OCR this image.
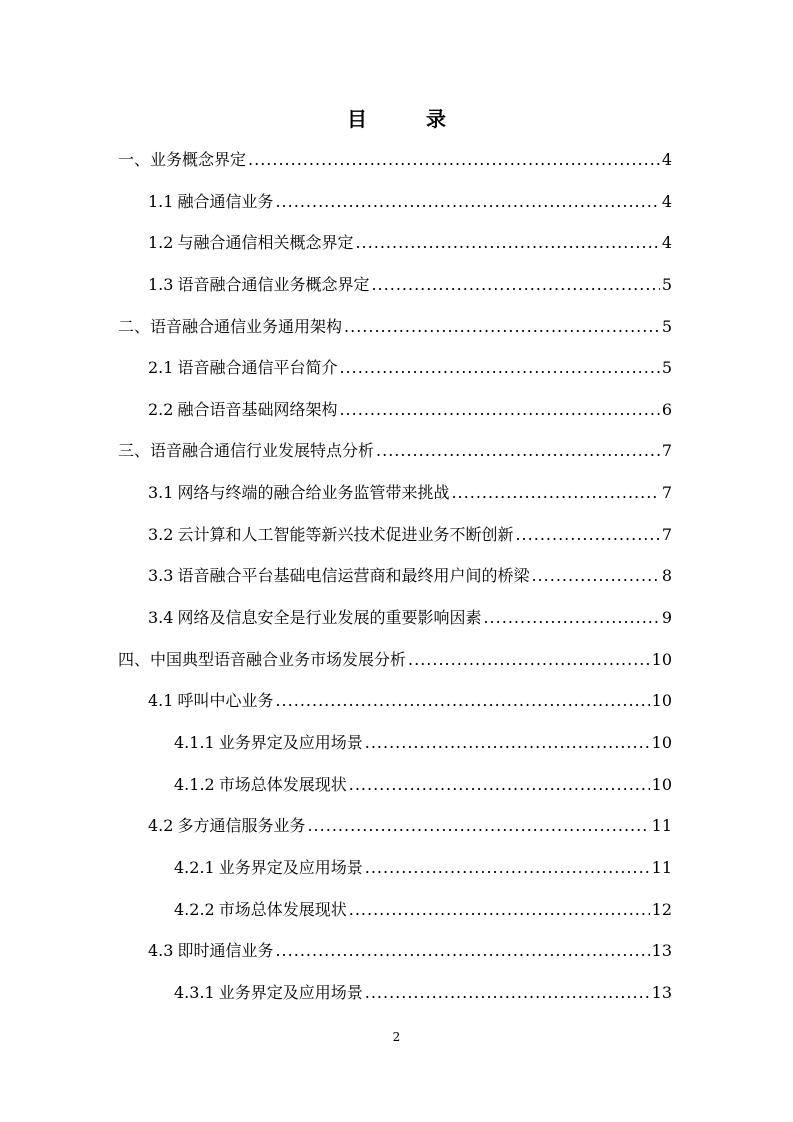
目 录
一、 业务概念界定 .....	4
1.1 融合通信业务 .....	4
1.2 与融合通信相关概念界定 .....	4
1.3 语音融合通信业务概念界定 .....	5
二、 语音融合通信业务通用架构 .....	5
2.1 语音融合通信平台简介 .....	5
2.2 融合语音基础网络架构 .....	6
三、 语音融合通信行业发展特点分析 .....	7
3.1 网络与终端的融合给业务监管带来挑战 .....	7
3.2 云计算和人工智能等新兴技术促进业务不断创新 .....	7
3.3 语音融合平台基础电信运营商和最终用户间的桥梁 .....	8
3.4 网络及信息安全是行业发展的重要影响因素 .....	9
四、 中国典型语音融合业务市场发展分析 .....	10
4.1 呼叫中心业务 .....	10
4.1.1 业务界定及应用场景 .....	10
4.1.2 市场总体发展现状 .....	10
4.2 多方通信服务业务 .....	11
4.2.1 业务界定及应用场景 .....	11
4.2.2 市场总体发展现状 .....	12
4.3 即时通信业务 .....	13
4.3.1 业务界定及应用场景 .....	13
2
